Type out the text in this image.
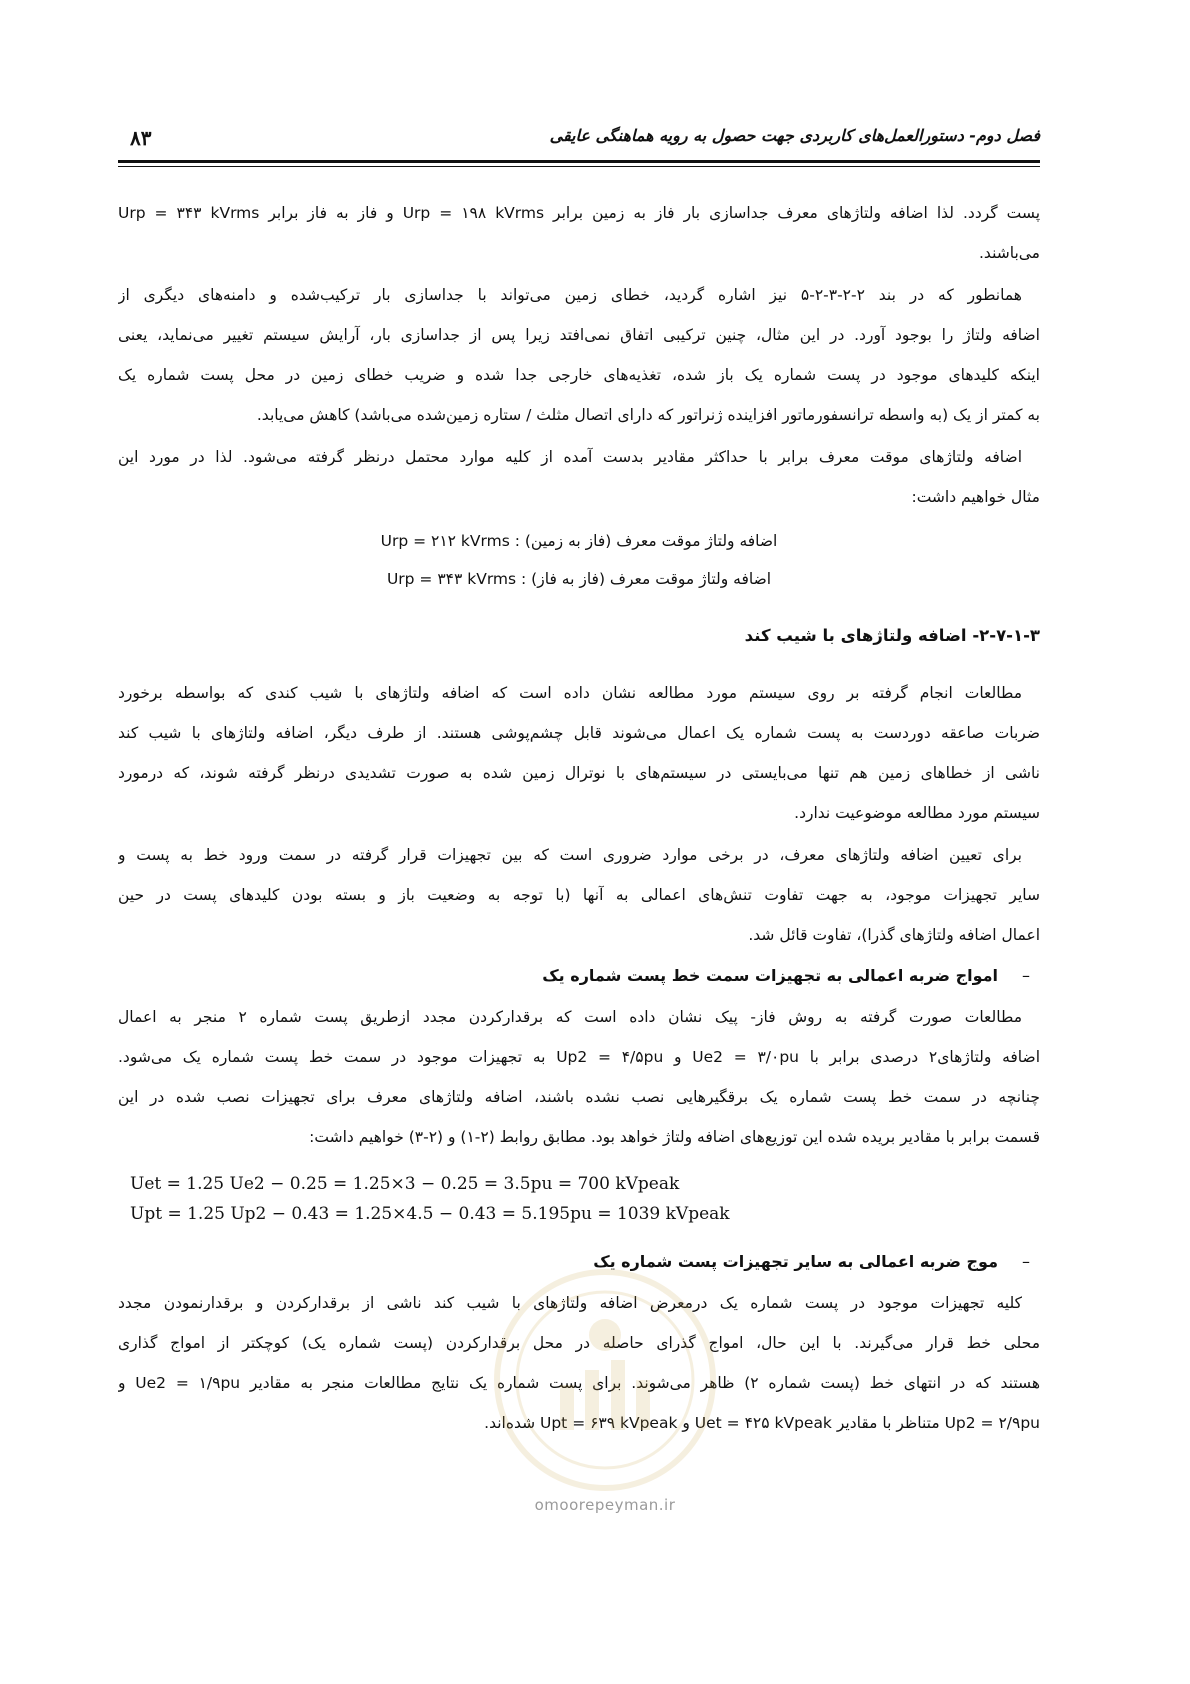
فصل دوم- دستورالعمل‌های کاربردی جهت حصول به رویه هماهنگی عایقی
۸۳
پست گردد. لذا اضافه ولتاژهای معرف جداسازی بار فاز به زمین برابر Urp = ۱۹۸ kVrms و فاز به فاز برابر Urp = ۳۴۳ kVrms
می‌باشند.
همانطور که در بند ۲-۲-۳-۲-۵ نیز اشاره گردید، خطای زمین می‌تواند با جداسازی بار ترکیب‌شده و دامنه‌های دیگری از
اضافه ولتاژ را بوجود آورد. در این مثال، چنین ترکیبی اتفاق نمی‌افتد زیرا پس از جداسازی بار، آرایش سیستم تغییر می‌نماید، یعنی
اینکه کلیدهای موجود در پست شماره یک باز شده، تغذیه‌های خارجی جدا شده و ضریب خطای زمین در محل پست شماره یک
به کمتر از یک (به واسطه ترانسفورماتور افزاینده ژنراتور که دارای اتصال مثلث / ستاره زمین‌شده می‌باشد) کاهش می‌یابد.
اضافه ولتاژهای موقت معرف برابر با حداکثر مقادیر بدست آمده از کلیه موارد محتمل درنظر گرفته می‌شود. لذا در مورد این
مثال خواهیم داشت:
اضافه ولتاژ موقت معرف (فاز به زمین) : Urp = ۲۱۲ kVrms
اضافه ولتاژ موقت معرف (فاز به فاز) : Urp = ۳۴۳ kVrms
۲-۷-۱-۳- اضافه ولتاژهای با شیب کند
مطالعات انجام گرفته بر روی سیستم مورد مطالعه نشان داده است که اضافه ولتاژهای با شیب کندی که بواسطه برخورد
ضربات صاعقه دوردست به پست شماره یک اعمال می‌شوند قابل چشم‌پوشی هستند. از طرف دیگر، اضافه ولتاژهای با شیب کند
ناشی از خطاهای زمین هم تنها می‌بایستی در سیستم‌های با نوترال زمین شده به صورت تشدیدی درنظر گرفته شوند، که درمورد
سیستم مورد مطالعه موضوعیت ندارد.
برای تعیین اضافه ولتاژهای معرف، در برخی موارد ضروری است که بین تجهیزات قرار گرفته در سمت ورود خط به پست و
سایر تجهیزات موجود، به جهت تفاوت تنش‌های اعمالی به آنها (با توجه به وضعیت باز و بسته بودن کلیدهای پست در حین
اعمال اضافه ولتاژهای گذرا)، تفاوت قائل شد.
–امواج ضربه اعمالی به تجهیزات سمت خط پست شماره یک
مطالعات صورت گرفته به روش فاز- پیک نشان داده است که برقدارکردن مجدد ازطریق پست شماره ۲ منجر به اعمال
اضافه ولتاژهای۲ درصدی برابر با Ue2 = ۳/۰pu و Up2 = ۴/۵pu به تجهیزات موجود در سمت خط پست شماره یک می‌شود.
چنانچه در سمت خط پست شماره یک برقگیرهایی نصب نشده باشند، اضافه ولتاژهای معرف برای تجهیزات نصب شده در این
قسمت برابر با مقادیر بریده شده این توزیع‌های اضافه ولتاژ خواهد بود. مطابق روابط (۲-۱) و (۲-۳) خواهیم داشت:
Uet = 1.25 Ue2 − 0.25 = 1.25×3 − 0.25 = 3.5pu = 700 kVpeak
Upt = 1.25 Up2 − 0.43 = 1.25×4.5 − 0.43 = 5.195pu = 1039 kVpeak
–موج ضربه اعمالی به سایر تجهیزات پست شماره یک
کلیه تجهیزات موجود در پست شماره یک درمعرض اضافه ولتاژهای با شیب کند ناشی از برقدارکردن و برقدارنمودن مجدد
محلی خط قرار می‌گیرند. با این حال، امواج گذرای حاصله در محل برقدارکردن (پست شماره یک) کوچکتر از امواج گذاری
هستند که در انتهای خط (پست شماره ۲) ظاهر می‌شوند. برای پست شماره یک نتایج مطالعات منجر به مقادیر Ue2 = ۱/۹pu و
Up2 = ۲/۹pu متناظر با مقادیر Uet = ۴۲۵ kVpeak و Upt = ۶۳۹ kVpeak شده‌اند.
omoorepeyman.ir
